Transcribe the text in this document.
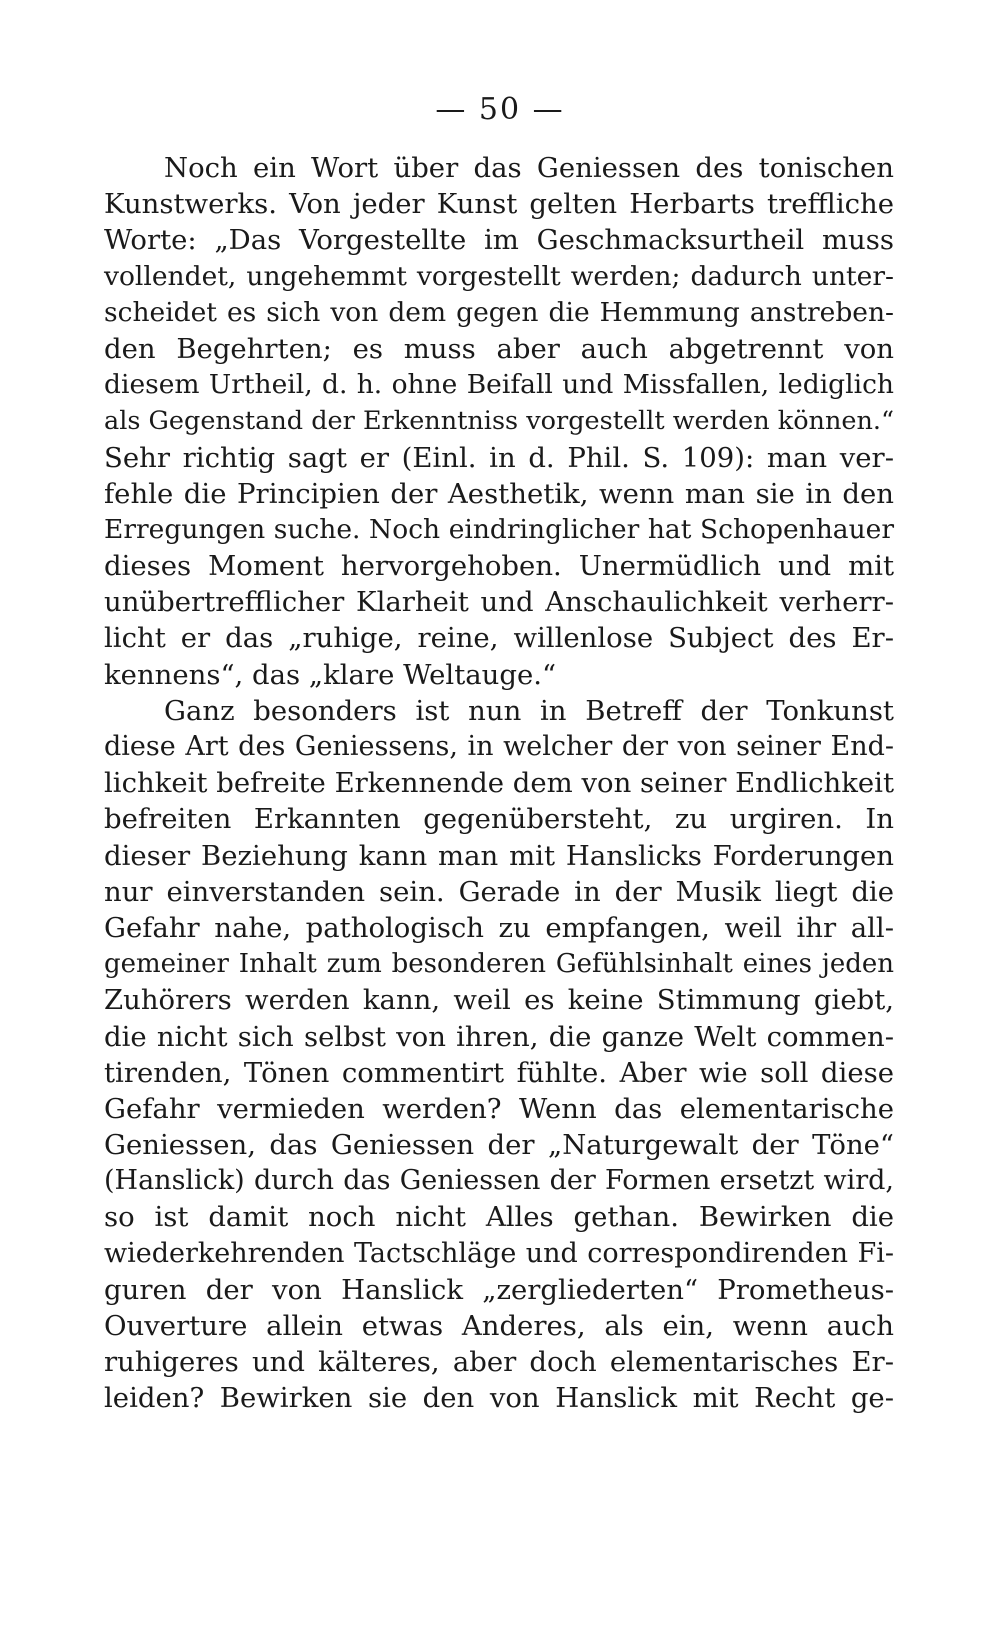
— 50 —
Noch ein Wort über das Geniessen des tonischen
Kunstwerks. Von jeder Kunst gelten Herbarts treffliche
Worte: „Das Vorgestellte im Geschmacksurtheil muss
vollendet, ungehemmt vorgestellt werden; dadurch unter-
scheidet es sich von dem gegen die Hemmung anstreben-
den Begehrten; es muss aber auch abgetrennt von
diesem Urtheil, d. h. ohne Beifall und Missfallen, lediglich
als Gegenstand der Erkenntniss vorgestellt werden können.“
Sehr richtig sagt er (Einl. in d. Phil. S. 109): man ver-
fehle die Principien der Aesthetik, wenn man sie in den
Erregungen suche. Noch eindringlicher hat Schopenhauer
dieses Moment hervorgehoben. Unermüdlich und mit
unübertrefflicher Klarheit und Anschaulichkeit verherr-
licht er das „ruhige, reine, willenlose Subject des Er-
kennens“, das „klare Weltauge.“
Ganz besonders ist nun in Betreff der Tonkunst
diese Art des Geniessens, in welcher der von seiner End-
lichkeit befreite Erkennende dem von seiner Endlichkeit
befreiten Erkannten gegenübersteht, zu urgiren. In
dieser Beziehung kann man mit Hanslicks Forderungen
nur einverstanden sein. Gerade in der Musik liegt die
Gefahr nahe, pathologisch zu empfangen, weil ihr all-
gemeiner Inhalt zum besonderen Gefühlsinhalt eines jeden
Zuhörers werden kann, weil es keine Stimmung giebt,
die nicht sich selbst von ihren, die ganze Welt commen-
tirenden, Tönen commentirt fühlte. Aber wie soll diese
Gefahr vermieden werden? Wenn das elementarische
Geniessen, das Geniessen der „Naturgewalt der Töne“
(Hanslick) durch das Geniessen der Formen ersetzt wird,
so ist damit noch nicht Alles gethan. Bewirken die
wiederkehrenden Tactschläge und correspondirenden Fi-
guren der von Hanslick „zergliederten“ Prometheus-
Ouverture allein etwas Anderes, als ein, wenn auch
ruhigeres und kälteres, aber doch elementarisches Er-
leiden? Bewirken sie den von Hanslick mit Recht ge-
